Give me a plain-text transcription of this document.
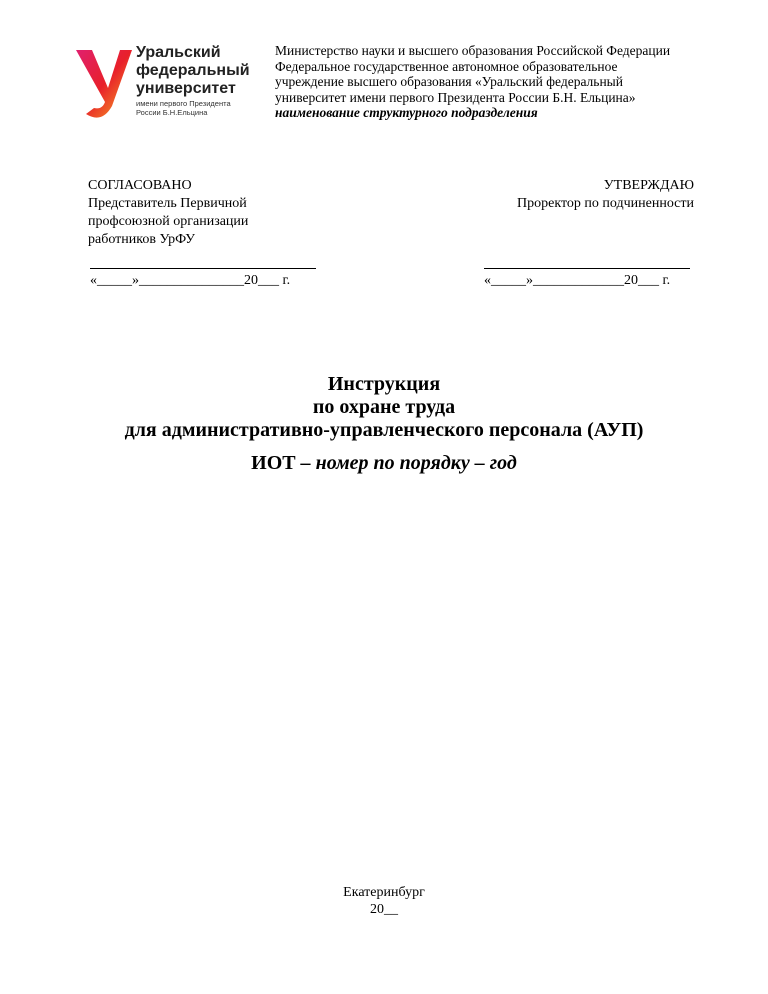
Уральский
федеральный
университет
имени первого Президента
России Б.Н.Ельцина
Министерство науки и высшего образования Российской Федерации
Федеральное государственное автономное образовательное
учреждение высшего образования «Уральский федеральный
университет имени первого Президента России Б.Н. Ельцина»
наименование структурного подразделения
СОГЛАСОВАНО
Представитель Первичной
профсоюзной организации
работников УрФУ
«_____»_______________20___ г.
УТВЕРЖДАЮ
Проректор по подчиненности
«_____»_____________20___ г.
Инструкция
по охране труда
для административно-управленческого персонала (АУП)
ИОТ – номер по порядку – год
Екатеринбург
20__
